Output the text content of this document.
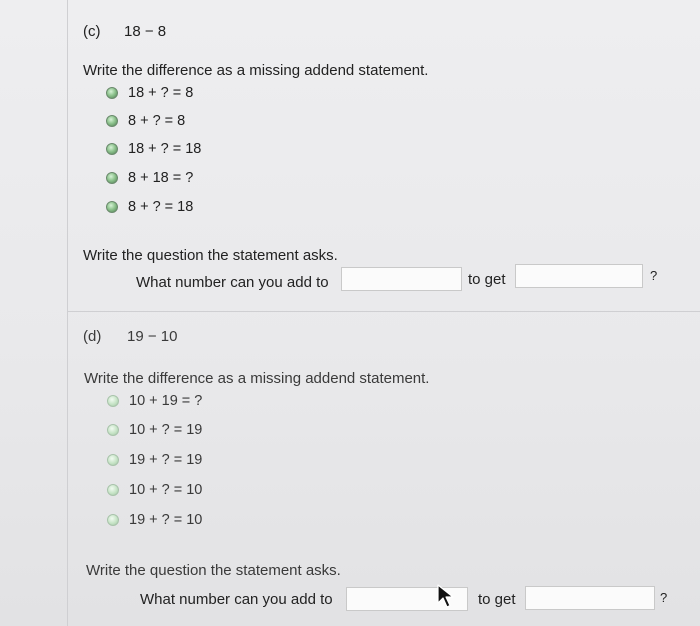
(c) 18 − 8
Write the difference as a missing addend statement.
18 + ? = 8
8 + ? = 8
18 + ? = 18
8 + 18 = ?
8 + ? = 18
Write the question the statement asks.
What number can you add to	to get	?
(d) 19 − 10
Write the difference as a missing addend statement.
10 + 19 = ?
10 + ? = 19
19 + ? = 19
10 + ? = 10
19 + ? = 10
Write the question the statement asks.
What number can you add to	to get	?
